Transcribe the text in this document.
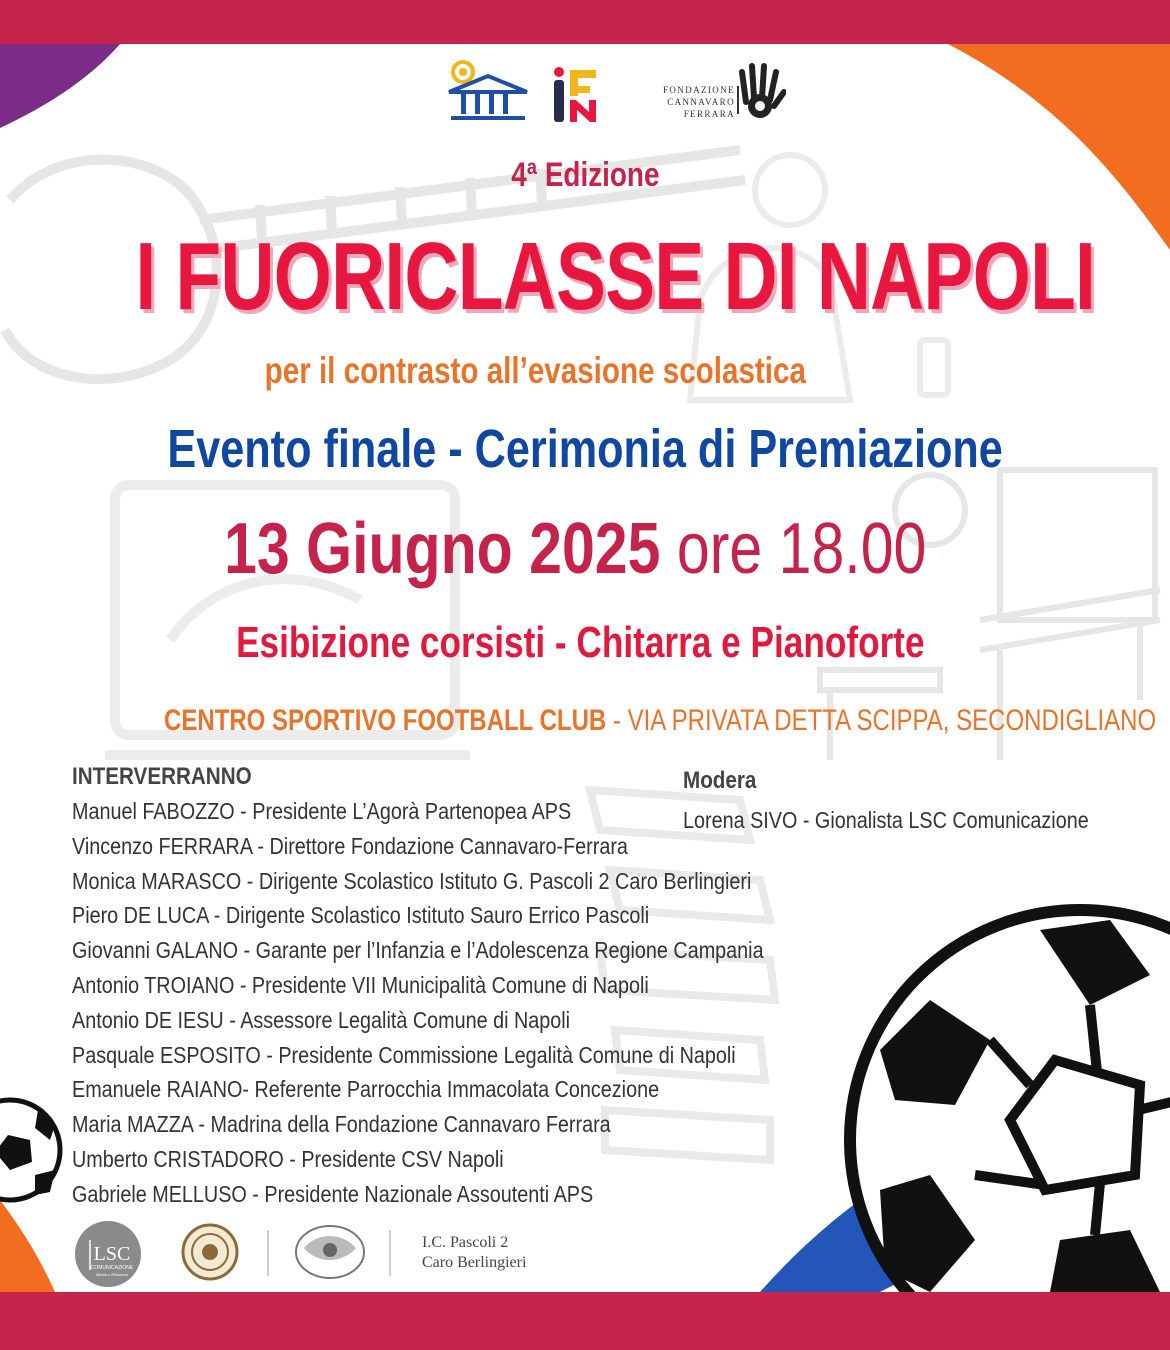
FONDAZIONE
CANNAVARO FERRARA
4ª Edizione
I FUORICLASSE DI NAPOLI
per il contrasto all’evasione scolastica
Evento finale - Cerimonia di Premiazione
13 Giugno 2025 ore 18.00
Esibizione corsisti - Chitarra e Pianoforte
CENTRO SPORTIVO FOOTBALL CLUB - VIA PRIVATA DETTA SCIPPA, SECONDIGLIANO
INTERVERRANNO
Manuel FABOZZO - Presidente L’Agorà Partenopea APS
Vincenzo FERRARA - Direttore Fondazione Cannavaro-Ferrara
Monica MARASCO - Dirigente Scolastico Istituto G. Pascoli 2 Caro Berlingieri
Piero DE LUCA - Dirigente Scolastico Istituto Sauro Errico Pascoli
Giovanni GALANO - Garante per l’Infanzia e l’Adolescenza Regione Campania
Antonio TROIANO - Presidente VII Municipalità Comune di Napoli
Antonio DE IESU - Assessore Legalità Comune di Napoli
Pasquale ESPOSITO - Presidente Commissione Legalità Comune di Napoli
Emanuele RAIANO- Referente Parrocchia Immacolata Concezione
Maria MAZZA - Madrina della Fondazione Cannavaro Ferrara
Umberto CRISTADORO - Presidente CSV Napoli
Gabriele MELLUSO - Presidente Nazionale Assoutenti APS
Modera
Lorena SIVO - Gionalista LSC Comunicazione
LSC
COMUNICAZIONE
Media e Relazioni
I.C. Pascoli 2
Caro Berlingieri
